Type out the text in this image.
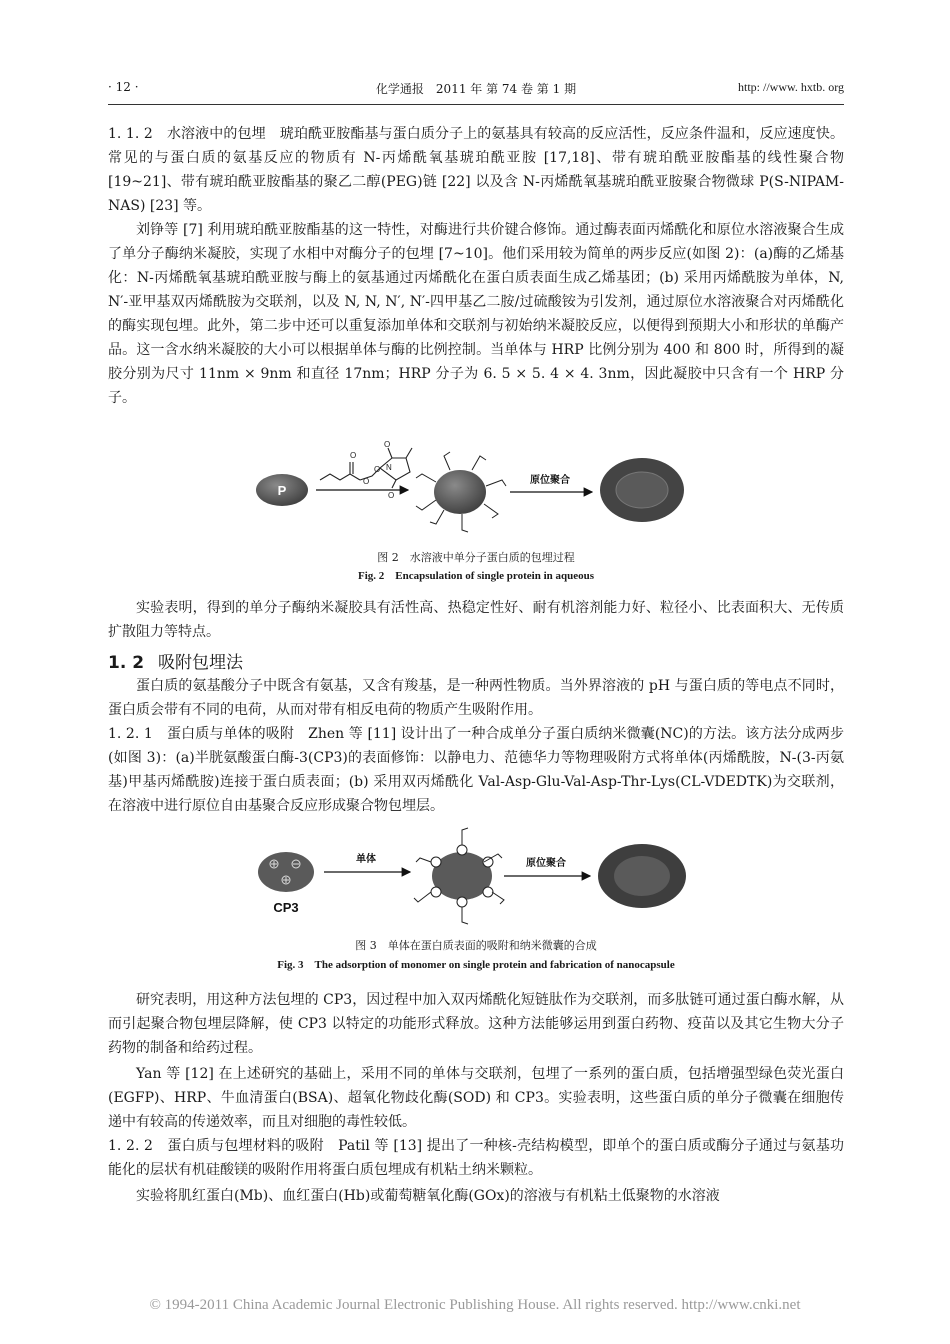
· 12 ·	化学通报　2011 年 第 74 卷 第 1 期	http: //www. hxtb. org
1. 1. 2　水溶液中的包埋　琥珀酰亚胺酯基与蛋白质分子上的氨基具有较高的反应活性，反应条件温和，反应速度快。常见的与蛋白质的氨基反应的物质有 N-丙烯酰氧基琥珀酰亚胺 [17,18]、带有琥珀酰亚胺酯基的线性聚合物 [19~21]、带有琥珀酰亚胺酯基的聚乙二醇(PEG)链 [22] 以及含 N-丙烯酰氧基琥珀酰亚胺聚合物微球 P(S-NIPAM-NAS) [23] 等。
刘铮等 [7] 利用琥珀酰亚胺酯基的这一特性，对酶进行共价键合修饰。通过酶表面丙烯酰化和原位水溶液聚合生成了单分子酶纳米凝胶，实现了水相中对酶分子的包埋 [7~10]。他们采用较为简单的两步反应(如图 2)：(a)酶的乙烯基化：N-丙烯酰氧基琥珀酰亚胺与酶上的氨基通过丙烯酰化在蛋白质表面生成乙烯基团；(b) 采用丙烯酰胺为单体，N, N′-亚甲基双丙烯酰胺为交联剂，以及 N, N, N′, N′-四甲基乙二胺/过硫酸铵为引发剂，通过原位水溶液聚合对丙烯酰化的酶实现包埋。此外，第二步中还可以重复添加单体和交联剂与初始纳米凝胶反应，以便得到预期大小和形状的单酶产品。这一含水纳米凝胶的大小可以根据单体与酶的比例控制。当单体与 HRP 比例分别为 400 和 800 时，所得到的凝胶分别为尺寸 11nm × 9nm 和直径 17nm；HRP 分子为 6. 5 × 5. 4 × 4. 3nm，因此凝胶中只含有一个 HRP 分子。
P
O
O
O N
O
O
原位聚合
图 2　水溶液中单分子蛋白质的包埋过程
Fig. 2　Encapsulation of single protein in aqueous
实验表明，得到的单分子酶纳米凝胶具有活性高、热稳定性好、耐有机溶剂能力好、粒径小、比表面积大、无传质扩散阻力等特点。
1. 2 吸附包埋法
蛋白质的氨基酸分子中既含有氨基，又含有羧基，是一种两性物质。当外界溶液的 pH 与蛋白质的等电点不同时，蛋白质会带有不同的电荷，从而对带有相反电荷的物质产生吸附作用。
1. 2. 1　蛋白质与单体的吸附　Zhen 等 [11] 设计出了一种合成单分子蛋白质纳米微囊(NC)的方法。该方法分成两步(如图 3)：(a)半胱氨酸蛋白酶-3(CP3)的表面修饰：以静电力、范德华力等物理吸附方式将单体(丙烯酰胺，N-(3-丙氨基)甲基丙烯酰胺)连接于蛋白质表面；(b) 采用双丙烯酰化 Val-Asp-Glu-Val-Asp-Thr-Lys(CL-VDEDTK)为交联剂，在溶液中进行原位自由基聚合反应形成聚合物包埋层。
CP3
单体	原位聚合
图 3　单体在蛋白质表面的吸附和纳米微囊的合成
Fig. 3　The adsorption of monomer on single protein and fabrication of nanocapsule
研究表明，用这种方法包埋的 CP3，因过程中加入双丙烯酰化短链肽作为交联剂，而多肽链可通过蛋白酶水解，从而引起聚合物包埋层降解，使 CP3 以特定的功能形式释放。这种方法能够运用到蛋白药物、疫苗以及其它生物大分子药物的制备和给药过程。
Yan 等 [12] 在上述研究的基础上，采用不同的单体与交联剂，包埋了一系列的蛋白质，包括增强型绿色荧光蛋白(EGFP)、HRP、牛血清蛋白(BSA)、超氧化物歧化酶(SOD) 和 CP3。实验表明，这些蛋白质的单分子微囊在细胞传递中有较高的传递效率，而且对细胞的毒性较低。
1. 2. 2　蛋白质与包埋材料的吸附　Patil 等 [13] 提出了一种核-壳结构模型，即单个的蛋白质或酶分子通过与氨基功能化的层状有机硅酸镁的吸附作用将蛋白质包埋成有机粘土纳米颗粒。
实验将肌红蛋白(Mb)、血红蛋白(Hb)或葡萄糖氧化酶(GOx)的溶液与有机粘土低聚物的水溶液
© 1994-2011 China Academic Journal Electronic Publishing House. All rights reserved. http://www.cnki.net
